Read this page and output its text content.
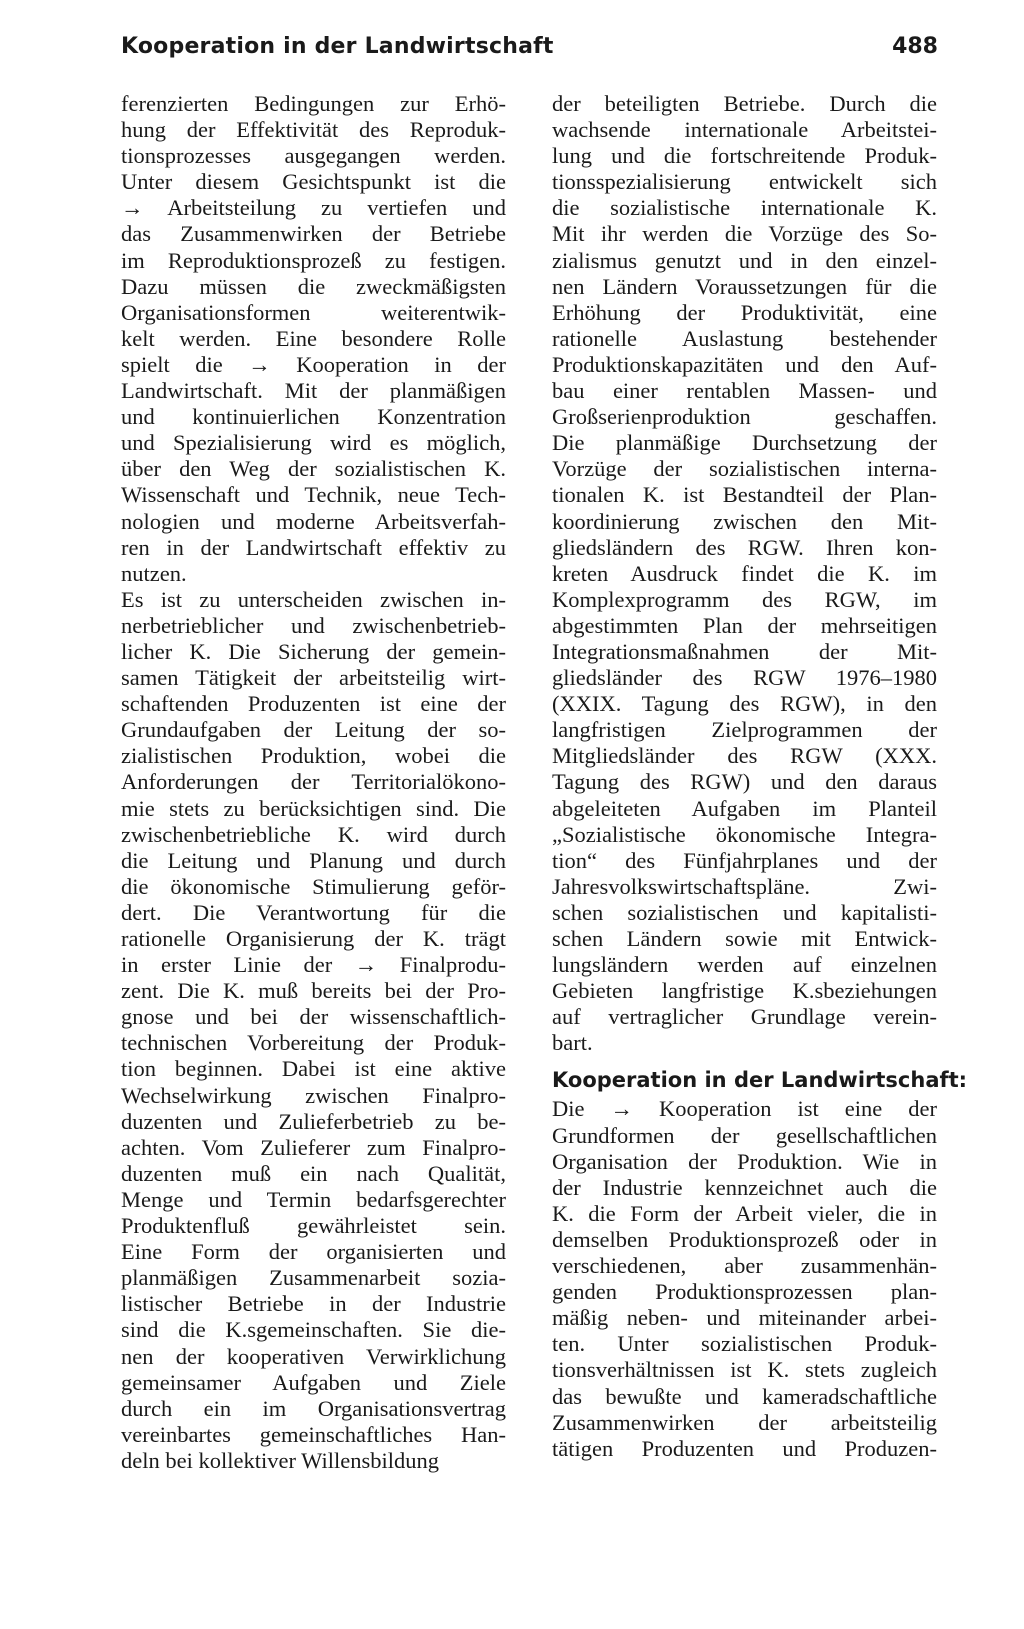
Kooperation in der Landwirtschaft	488
ferenzierten Bedingungen zur Erhö-
hung der Effektivität des Reproduk-
tionsprozesses ausgegangen werden.
Unter diesem Gesichtspunkt ist die
→ Arbeitsteilung zu vertiefen und
das Zusammenwirken der Betriebe
im Reproduktionsprozeß zu festigen.
Dazu müssen die zweckmäßigsten
Organisationsformen weiterentwik-
kelt werden. Eine besondere Rolle
spielt die → Kooperation in der
Landwirtschaft. Mit der planmäßigen
und kontinuierlichen Konzentration
und Spezialisierung wird es möglich,
über den Weg der sozialistischen K.
Wissenschaft und Technik, neue Tech-
nologien und moderne Arbeitsverfah-
ren in der Landwirtschaft effektiv zu
nutzen.
Es ist zu unterscheiden zwischen in-
nerbetrieblicher und zwischenbetrieb-
licher K. Die Sicherung der gemein-
samen Tätigkeit der arbeitsteilig wirt-
schaftenden Produzenten ist eine der
Grundaufgaben der Leitung der so-
zialistischen Produktion, wobei die
Anforderungen der Territorialökono-
mie stets zu berücksichtigen sind. Die
zwischenbetriebliche K. wird durch
die Leitung und Planung und durch
die ökonomische Stimulierung geför-
dert. Die Verantwortung für die
rationelle Organisierung der K. trägt
in erster Linie der → Finalprodu-
zent. Die K. muß bereits bei der Pro-
gnose und bei der wissenschaftlich-
technischen Vorbereitung der Produk-
tion beginnen. Dabei ist eine aktive
Wechselwirkung zwischen Finalpro-
duzenten und Zulieferbetrieb zu be-
achten. Vom Zulieferer zum Finalpro-
duzenten muß ein nach Qualität,
Menge und Termin bedarfsgerechter
Produktenfluß gewährleistet sein.
Eine Form der organisierten und
planmäßigen Zusammenarbeit sozia-
listischer Betriebe in der Industrie
sind die K.sgemeinschaften. Sie die-
nen der kooperativen Verwirklichung
gemeinsamer Aufgaben und Ziele
durch ein im Organisationsvertrag
vereinbartes gemeinschaftliches Han-
deln bei kollektiver Willensbildung
der beteiligten Betriebe. Durch die
wachsende internationale Arbeitstei-
lung und die fortschreitende Produk-
tionsspezialisierung entwickelt sich
die sozialistische internationale K.
Mit ihr werden die Vorzüge des So-
zialismus genutzt und in den einzel-
nen Ländern Voraussetzungen für die
Erhöhung der Produktivität, eine
rationelle Auslastung bestehender
Produktionskapazitäten und den Auf-
bau einer rentablen Massen- und
Großserienproduktion geschaffen.
Die planmäßige Durchsetzung der
Vorzüge der sozialistischen interna-
tionalen K. ist Bestandteil der Plan-
koordinierung zwischen den Mit-
gliedsländern des RGW. Ihren kon-
kreten Ausdruck findet die K. im
Komplexprogramm des RGW, im
abgestimmten Plan der mehrseitigen
Integrationsmaßnahmen der Mit-
gliedsländer des RGW 1976–1980
(XXIX. Tagung des RGW), in den
langfristigen Zielprogrammen der
Mitgliedsländer des RGW (XXX.
Tagung des RGW) und den daraus
abgeleiteten Aufgaben im Planteil
„Sozialistische ökonomische Integra-
tion“ des Fünfjahrplanes und der
Jahresvolkswirtschaftspläne. Zwi-
schen sozialistischen und kapitalisti-
schen Ländern sowie mit Entwick-
lungsländern werden auf einzelnen
Gebieten langfristige K.sbeziehungen
auf vertraglicher Grundlage verein-
bart.
Kooperation in der Landwirtschaft:
Die → Kooperation ist eine der
Grundformen der gesellschaftlichen
Organisation der Produktion. Wie in
der Industrie kennzeichnet auch die
K. die Form der Arbeit vieler, die in
demselben Produktionsprozeß oder in
verschiedenen, aber zusammenhän-
genden Produktionsprozessen plan-
mäßig neben- und miteinander arbei-
ten. Unter sozialistischen Produk-
tionsverhältnissen ist K. stets zugleich
das bewußte und kameradschaftliche
Zusammenwirken der arbeitsteilig
tätigen Produzenten und Produzen-
